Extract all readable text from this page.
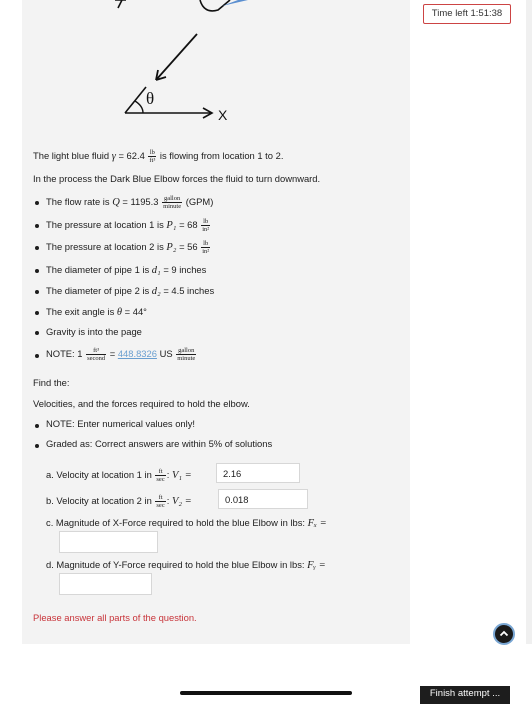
Time left 1:51:38
θ
X
The light blue fluid $\gamma = 62.4 \frac{lb}{\text{ft³}}$ is flowing from location 1 to 2.
In the process the Dark Blue Elbow forces the fluid to turn downward.
The flow rate is $Q = 1195.3 \frac{\text{gallon}}{\text{minute}} (GPM)$
The pressure at location 1 is $P_1 = 68 \frac{lb}{\text{in²}}$
The pressure at location 2 is $P_2 = 56 \frac{lb}{\text{in²}}$
The diameter of pipe 1 is d₁ = 9 inches
The diameter of pipe 2 is d₂ = 4.5 inches
The exit angle is θ = 44°
Gravity is into the page
NOTE: $1 \frac{\text{ft³}}{\text{second}} = 448.8326$ US $\frac{\text{gallon}}{\text{minute}}$
Find the:
Velocities, and the forces required to hold the elbow.
NOTE: Enter numerical values only!
Graded as: Correct answers are within 5% of solutions
a. Velocity at location 1 in $\frac{ft}{\sec}$ : V₁ =	2.16
b. Velocity at location 2 in $\frac{ft}{\sec}$ : V₂ =	0.018
c. Magnitude of X-Force required to hold the blue Elbow in lbs: Fₓ =
d. Magnitude of Y-Force required to hold the blue Elbow in lbs: Fᵧ =
Please answer all parts of the question.
Finish attempt ...
